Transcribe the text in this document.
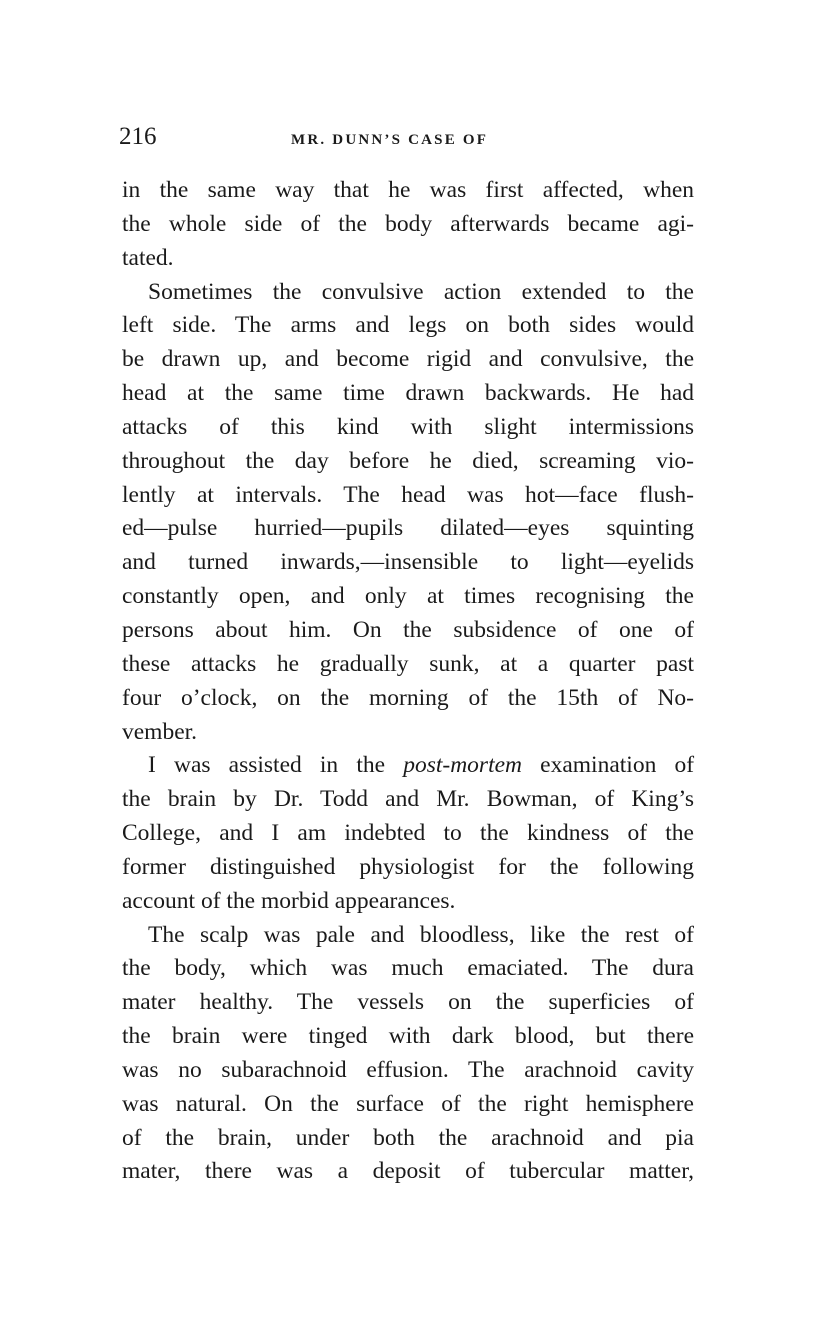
216	MR. DUNN’S CASE OF
in the same way that he was first affected, when
the whole side of the body afterwards became agi-
tated.
Sometimes the convulsive action extended to the
left side. The arms and legs on both sides would
be drawn up, and become rigid and convulsive, the
head at the same time drawn backwards. He had
attacks of this kind with slight intermissions
throughout the day before he died, screaming vio-
lently at intervals. The head was hot—face flush-
ed—pulse hurried—pupils dilated—eyes squinting
and turned inwards,—insensible to light—eyelids
constantly open, and only at times recognising the
persons about him. On the subsidence of one of
these attacks he gradually sunk, at a quarter past
four o’clock, on the morning of the 15th of No-
vember.
I was assisted in the post-mortem examination of
the brain by Dr. Todd and Mr. Bowman, of King’s
College, and I am indebted to the kindness of the
former distinguished physiologist for the following
account of the morbid appearances.
The scalp was pale and bloodless, like the rest of
the body, which was much emaciated. The dura
mater healthy. The vessels on the superficies of
the brain were tinged with dark blood, but there
was no subarachnoid effusion. The arachnoid cavity
was natural. On the surface of the right hemisphere
of the brain, under both the arachnoid and pia
mater, there was a deposit of tubercular matter,
